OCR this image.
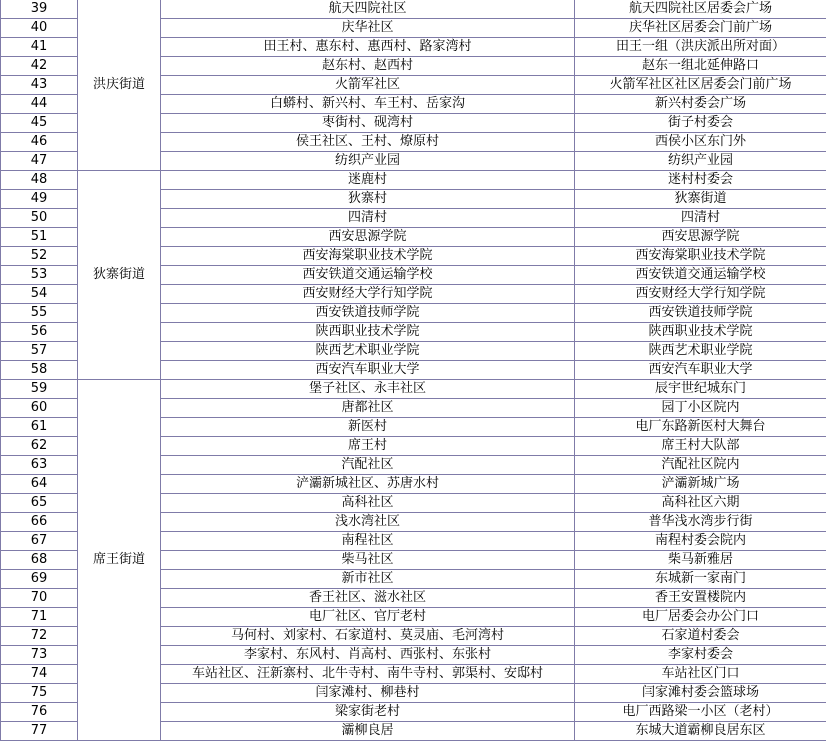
39	洪庆街道	航天四院社区	航天四院社区居委会广场
40		庆华社区	庆华社区居委会门前广场
41		田王村、惠东村、惠西村、路家湾村	田王一组（洪庆派出所对面）
42		赵东村、赵西村	赵东一组北延伸路口
43		火箭军社区	火箭军社区社区居委会门前广场
44		白蟒村、新兴村、车王村、岳家沟	新兴村委会广场
45		枣街村、砚湾村	街子村委会
46		侯王社区、王村、燎原村	西侯小区东门外
47		纺织产业园	纺织产业园
48	狄寨街道	迷鹿村	迷村村委会
49		狄寨村	狄寨街道
50		四清村	四清村
51		西安思源学院	西安思源学院
52		西安海棠职业技术学院	西安海棠职业技术学院
53		西安铁道交通运输学校	西安铁道交通运输学校
54		西安财经大学行知学院	西安财经大学行知学院
55		西安铁道技师学院	西安铁道技师学院
56		陕西职业技术学院	陕西职业技术学院
57		陕西艺术职业学院	陕西艺术职业学院
58		西安汽车职业大学	西安汽车职业大学
59	席王街道	堡子社区、永丰社区	辰宇世纪城东门
60		唐都社区	园丁小区院内
61		新医村	电厂东路新医村大舞台
62		席王村	席王村大队部
63		汽配社区	汽配社区院内
64		浐灞新城社区、苏唐水村	浐灞新城广场
65		高科社区	高科社区六期
66		浅水湾社区	普华浅水湾步行街
67		南程社区	南程村委会院内
68		柴马社区	柴马新雅居
69		新市社区	东城新一家南门
70		香王社区、滋水社区	香王安置楼院内
71		电厂社区、官厅老村	电厂居委会办公门口
72		马何村、刘家村、石家道村、莫灵庙、毛河湾村	石家道村委会
73		李家村、东风村、肖高村、西张村、东张村	李家村委会
74		车站社区、汪新寨村、北牛寺村、南牛寺村、郭渠村、安邸村	车站社区门口
75		闫家滩村、柳巷村	闫家滩村委会篮球场
76		梁家街老村	电厂西路梁一小区（老村）
77		灞柳良居	东城大道霸柳良居东区
